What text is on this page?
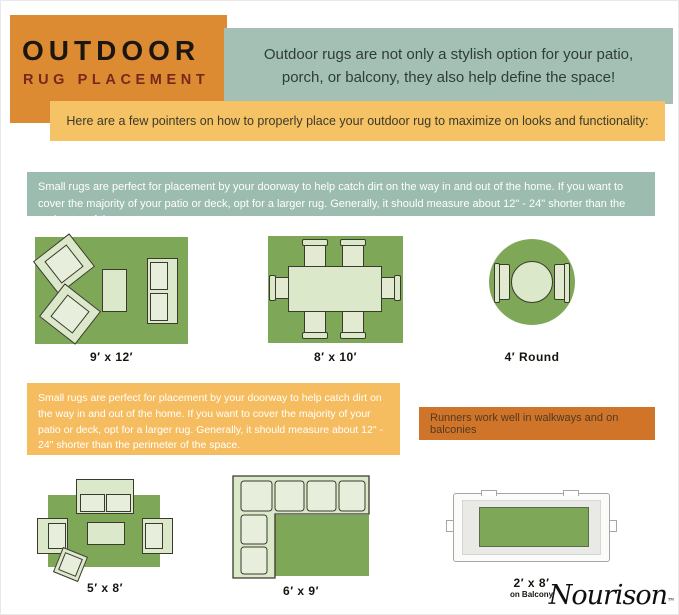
OUTDOOR
RUG PLACEMENT
Outdoor rugs are not only a stylish option for your patio, porch, or balcony, they also help define the space!
Here are a few pointers on how to properly place your outdoor rug to maximize on looks and functionality:
Small rugs are perfect for placement by your doorway to help catch dirt on the way in and out of the home. If you want to cover the majority of your patio or deck, opt for a larger rug. Generally, it should measure about 12" - 24" shorter than the perimeter of the space.
9′ x 12′	8′ x 10′	4′ Round
Small rugs are perfect for placement by your doorway to help catch dirt on the way in and out of the home. If you want to cover the majority of your patio or deck, opt for a larger rug. Generally, it should measure about 12" - 24" shorter than the perimeter of the space.
Runners work well in walkways and on balconies
5′ x 8′	6′ x 9′
2′ x 8′
on Balcony
Nourison™
